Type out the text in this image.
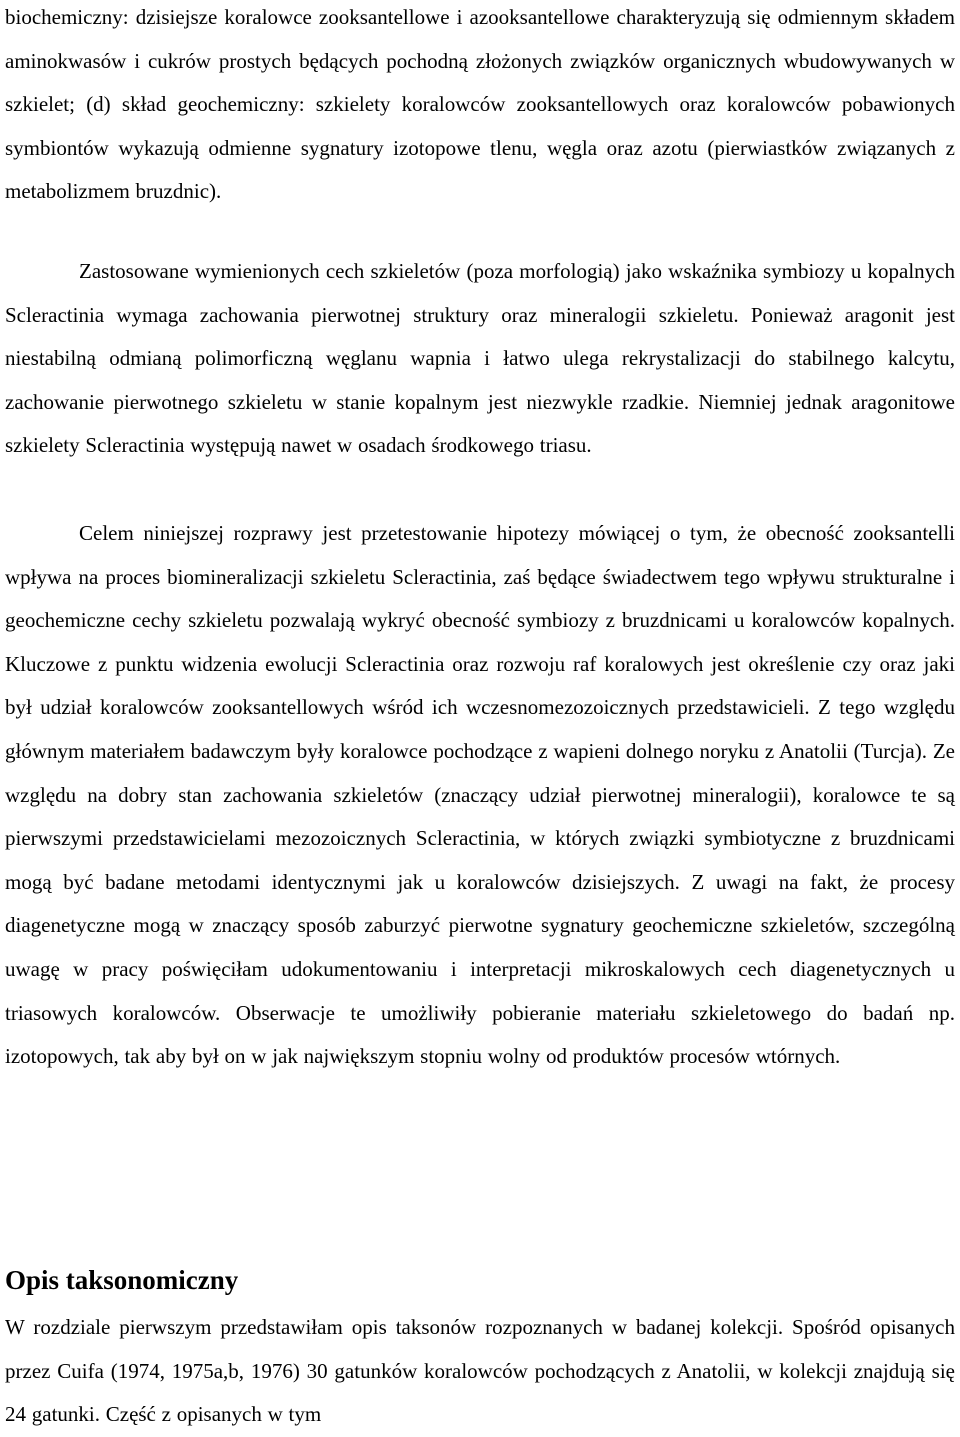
biochemiczny: dzisiejsze koralowce zooksantellowe i azooksantellowe charakteryzują się odmiennym składem aminokwasów i cukrów prostych będących pochodną złożonych związków organicznych wbudowywanych w szkielet; (d) skład geochemiczny: szkielety koralowców zooksantellowych oraz koralowców pobawionych symbiontów wykazują odmienne sygnatury izotopowe tlenu, węgla oraz azotu (pierwiastków związanych z metabolizmem bruzdnic).

Zastosowane wymienionych cech szkieletów (poza morfologią) jako wskaźnika symbiozy u kopalnych Scleractinia wymaga zachowania pierwotnej struktury oraz mineralogii szkieletu. Ponieważ aragonit jest niestabilną odmianą polimorficzną węglanu wapnia i łatwo ulega rekrystalizacji do stabilnego kalcytu, zachowanie pierwotnego szkieletu w stanie kopalnym jest niezwykle rzadkie. Niemniej jednak aragonitowe szkielety Scleractinia występują nawet w osadach środkowego triasu.

Celem niniejszej rozprawy jest przetestowanie hipotezy mówiącej o tym, że obecność zooksantelli wpływa na proces biomineralizacji szkieletu Scleractinia, zaś będące świadectwem tego wpływu strukturalne i geochemiczne cechy szkieletu pozwalają wykryć obecność symbiozy z bruzdnicami u koralowców kopalnych. Kluczowe z punktu widzenia ewolucji Scleractinia oraz rozwoju raf koralowych jest określenie czy oraz jaki był udział koralowców zooksantellowych wśród ich wczesnomezozoicznych przedstawicieli. Z tego względu głównym materiałem badawczym były koralowce pochodzące z wapieni dolnego noryku z Anatolii (Turcja). Ze względu na dobry stan zachowania szkieletów (znaczący udział pierwotnej mineralogii), koralowce te są pierwszymi przedstawicielami mezozoicznych Scleractinia, w których związki symbiotyczne z bruzdnicami mogą być badane metodami identycznymi jak u koralowców dzisiejszych. Z uwagi na fakt, że procesy diagenetyczne mogą w znaczący sposób zaburzyć pierwotne sygnatury geochemiczne szkieletów, szczególną uwagę w pracy poświęciłam udokumentowaniu i interpretacji mikroskalowych cech diagenetycznych u triasowych koralowców. Obserwacje te umożliwiły pobieranie materiału szkieletowego do badań np. izotopowych, tak aby był on w jak największym stopniu wolny od produktów procesów wtórnych.

Opis taksonomiczny

W rozdziale pierwszym przedstawiłam opis taksonów rozpoznanych w badanej kolekcji. Spośród opisanych przez Cuifa (1974, 1975a,b, 1976) 30 gatunków koralowców pochodzących z Anatolii, w kolekcji znajdują się 24 gatunki. Część z opisanych w tym
